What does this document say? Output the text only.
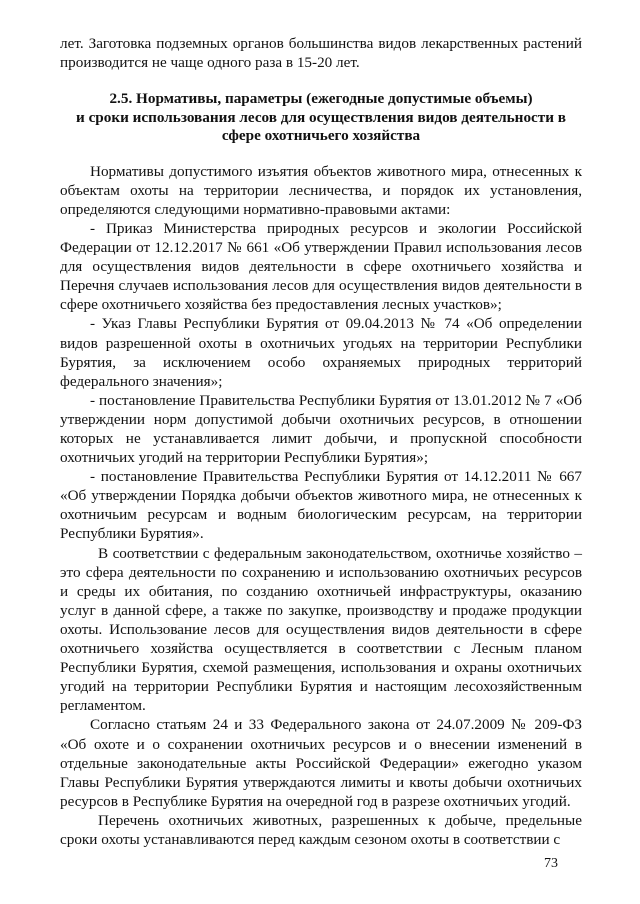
лет. Заготовка подземных органов большинства видов лекарственных растений производится не чаще одного раза в 15-20 лет.

2.5. Нормативы, параметры (ежегодные допустимые объемы)
и сроки использования лесов для осуществления видов деятельности в
сфере охотничьего хозяйства

Нормативы допустимого изъятия объектов животного мира, отнесенных к объектам охоты на территории лесничества, и порядок их установления, определяются следующими нормативно-правовыми актами:

- Приказ Министерства природных ресурсов и экологии Российской Федерации от 12.12.2017 № 661 «Об утверждении Правил использования лесов для осуществления видов деятельности в сфере охотничьего хозяйства и Перечня случаев использования лесов для осуществления видов деятельности в сфере охотничьего хозяйства без предоставления лесных участков»;

- Указ Главы Республики Бурятия от 09.04.2013 № 74 «Об определении видов разрешенной охоты в охотничьих угодьях на территории Республики Бурятия, за исключением особо охраняемых природных территорий федерального значения»;

- постановление Правительства Республики Бурятия от 13.01.2012 № 7 «Об утверждении норм допустимой добычи охотничьих ресурсов, в отношении которых не устанавливается лимит добычи, и пропускной способности охотничьих угодий на территории Республики Бурятия»;

- постановление Правительства Республики Бурятия от 14.12.2011 № 667 «Об утверждении Порядка добычи объектов животного мира, не отнесенных к охотничьим ресурсам и водным биологическим ресурсам, на территории Республики Бурятия».

В соответствии с федеральным законодательством, охотничье хозяйство – это сфера деятельности по сохранению и использованию охотничьих ресурсов и среды их обитания, по созданию охотничьей инфраструктуры, оказанию услуг в данной сфере, а также по закупке, производству и продаже продукции охоты. Использование лесов для осуществления видов деятельности в сфере охотничьего хозяйства осуществляется в соответствии с Лесным планом Республики Бурятия, схемой размещения, использования и охраны охотничьих угодий на территории Республики Бурятия и настоящим лесохозяйственным регламентом.

Согласно статьям 24 и 33 Федерального закона от 24.07.2009 № 209-ФЗ «Об охоте и о сохранении охотничьих ресурсов и о внесении изменений в отдельные законодательные акты Российской Федерации» ежегодно указом Главы Республики Бурятия утверждаются лимиты и квоты добычи охотничьих ресурсов в Республике Бурятия на очередной год в разрезе охотничьих угодий.

Перечень охотничьих животных, разрешенных к добыче, предельные сроки охоты устанавливаются перед каждым сезоном охоты в соответствии с

73
